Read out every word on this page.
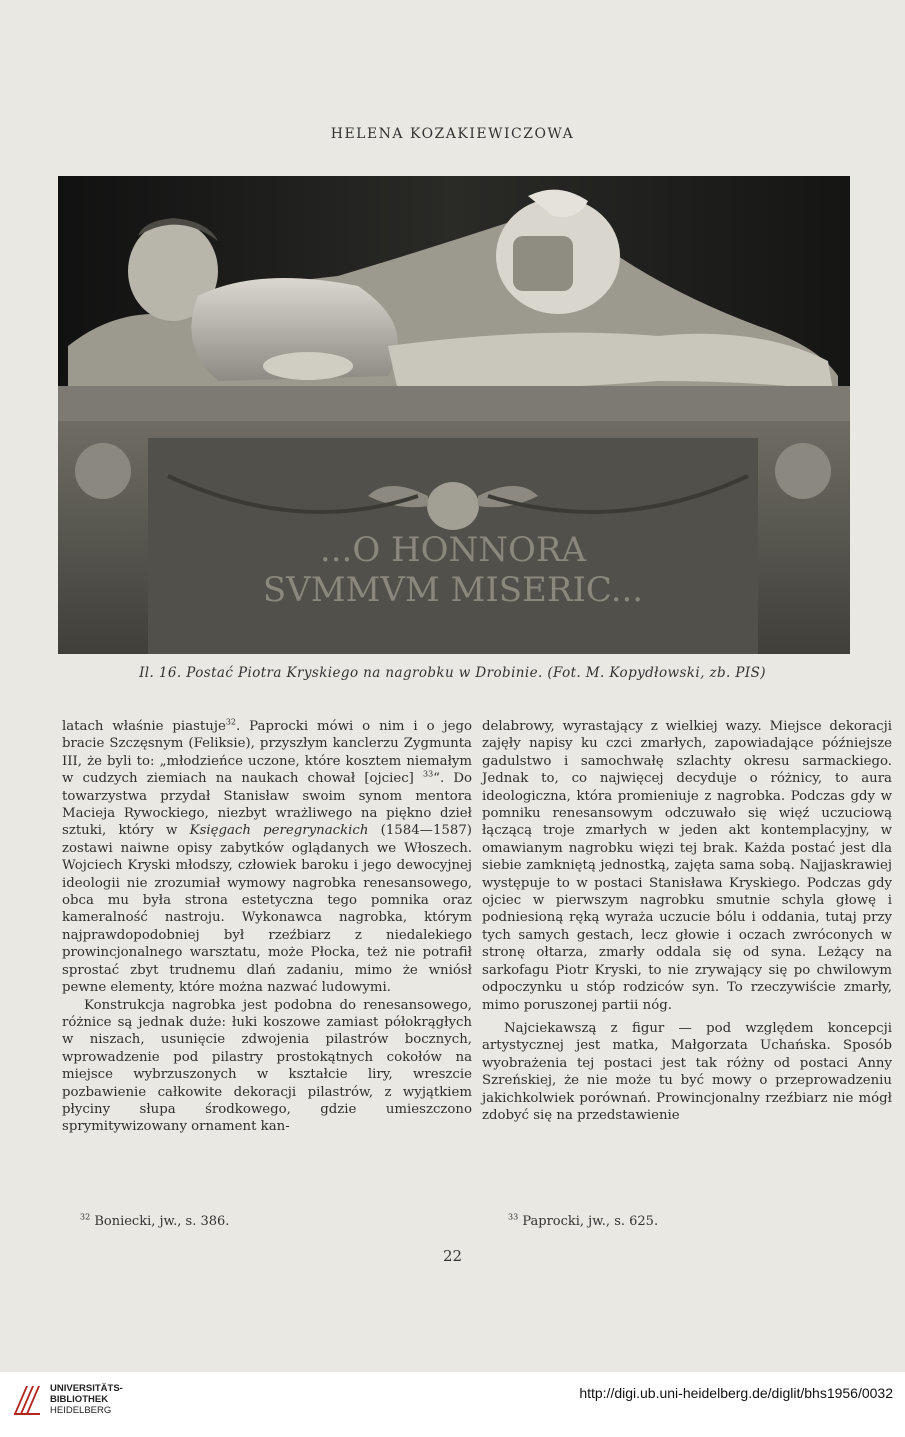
HELENA KOZAKIEWICZOWA
...O HONNORA
SVMMVM MISERIC...
Il. 16. Postać Piotra Kryskiego na nagrobku w Drobinie. (Fot. M. Kopydłowski, zb. PIS)

latach właśnie piastuje$^{32}$. Paprocki mówi o nim i o jego bracie Szczęsnym (Feliksie), przyszłym kanclerzu Zygmunta III, że byli to: „młodzieńce uczone, które kosztem niemałym w cudzych ziemiach na naukach chował [ojciec] $^{33}$“. Do towarzystwa przydał Stanisław swoim synom mentora Macieja Rywockiego, niezbyt wrażliwego na piękno dzieł sztuki, który w Księgach peregrynackich (1584—1587) zostawi naiwne opisy zabytków oglądanych we Włoszech. Wojciech Kryski młodszy, człowiek baroku i jego dewocyjnej ideologii nie zrozumiał wymowy nagrobka renesansowego, obca mu była strona estetyczna tego pomnika oraz kameralność nastroju. Wykonawca nagrobka, którym najprawdopodobniej był rzeźbiarz z niedalekiego prowincjonalnego warsztatu, może Płocka, też nie potrafił sprostać zbyt trudnemu dlań zadaniu, mimo że wniósł pewne elementy, które można nazwać ludowymi.

Konstrukcja nagrobka jest podobna do renesansowego, różnice są jednak duże: łuki koszowe zamiast półokrągłych w niszach, usunięcie zdwojenia pilastrów bocznych, wprowadzenie pod pilastry prostokątnych cokołów na miejsce wybrzuszonych w kształcie liry, wreszcie pozbawienie całkowite dekoracji pilastrów, z wyjątkiem płyciny słupa środkowego, gdzie umieszczono sprymitywizowany ornament kan-

delabrowy, wyrastający z wielkiej wazy. Miejsce dekoracji zajęły napisy ku czci zmarłych, zapowiadające późniejsze gadulstwo i samochwałę szlachty okresu sarmackiego. Jednak to, co najwięcej decyduje o różnicy, to aura ideologiczna, która promieniuje z nagrobka. Podczas gdy w pomniku renesansowym odczuwało się więź uczuciową łączącą troje zmarłych w jeden akt kontemplacyjny, w omawianym nagrobku więzi tej brak. Każda postać jest dla siebie zamkniętą jednostką, zajęta sama sobą. Najjaskrawiej występuje to w postaci Stanisława Kryskiego. Podczas gdy ojciec w pierwszym nagrobku smutnie schyla głowę i podniesioną ręką wyraża uczucie bólu i oddania, tutaj przy tych samych gestach, lecz głowie i oczach zwróconych w stronę ołtarza, zmarły oddala się od syna. Leżący na sarkofagu Piotr Kryski, to nie zrywający się po chwilowym odpoczynku u stóp rodziców syn. To rzeczywiście zmarły, mimo poruszonej partii nóg.

Najciekawszą z figur — pod względem koncepcji artystycznej jest matka, Małgorzata Uchańska. Sposób wyobrażenia tej postaci jest tak różny od postaci Anny Szreńskiej, że nie może tu być mowy o przeprowadzeniu jakichkolwiek porównań. Prowincjonalny rzeźbiarz nie mógł zdobyć się na przedstawienie

$^{32}$ Boniecki, jw., s. 386.	$^{33}$ Paprocki, jw., s. 625.
22
UNIVERSITÄTS-
BIBLIOTHEK
HEIDELBERG
http://digi.ub.uni-heidelberg.de/diglit/bhs1956/0032
